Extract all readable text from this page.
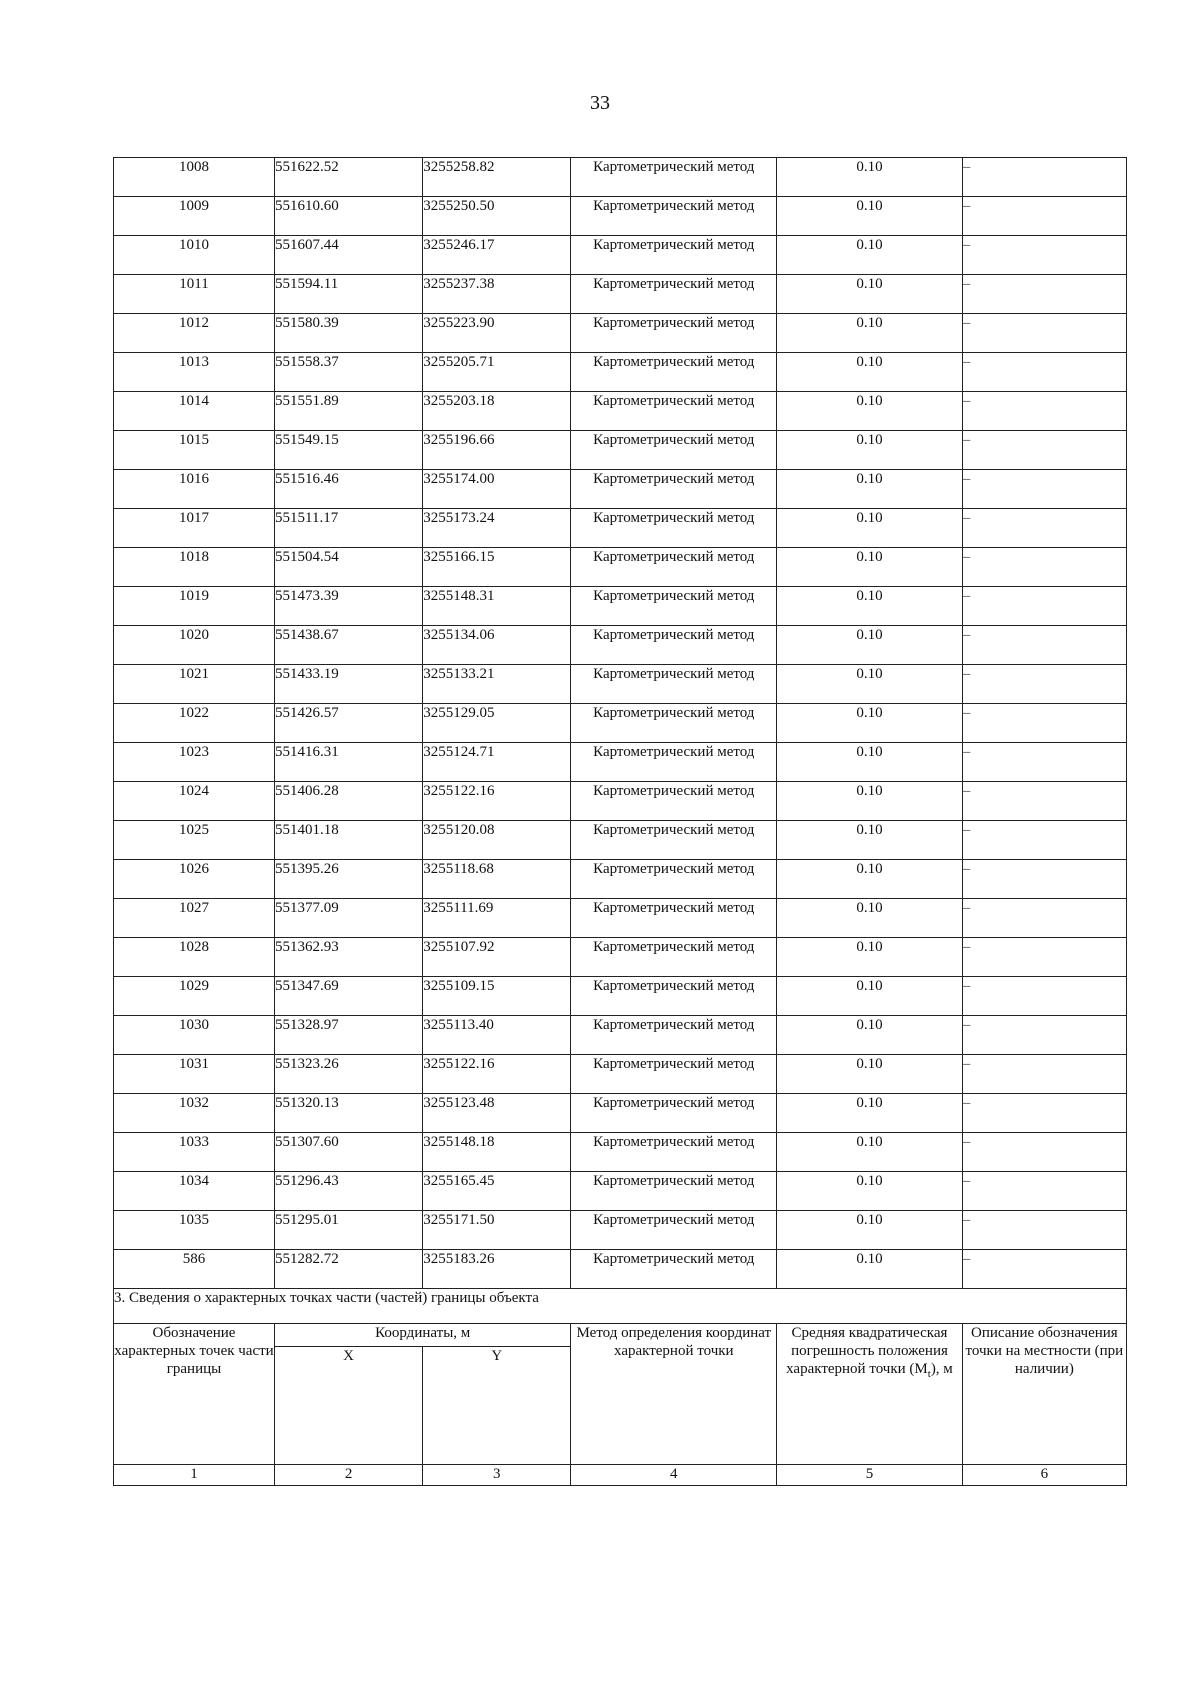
33
1008	551622.52	3255258.82	Картометрический метод	0.10	–
1009	551610.60	3255250.50	Картометрический метод	0.10	–
1010	551607.44	3255246.17	Картометрический метод	0.10	–
1011	551594.11	3255237.38	Картометрический метод	0.10	–
1012	551580.39	3255223.90	Картометрический метод	0.10	–
1013	551558.37	3255205.71	Картометрический метод	0.10	–
1014	551551.89	3255203.18	Картометрический метод	0.10	–
1015	551549.15	3255196.66	Картометрический метод	0.10	–
1016	551516.46	3255174.00	Картометрический метод	0.10	–
1017	551511.17	3255173.24	Картометрический метод	0.10	–
1018	551504.54	3255166.15	Картометрический метод	0.10	–
1019	551473.39	3255148.31	Картометрический метод	0.10	–
1020	551438.67	3255134.06	Картометрический метод	0.10	–
1021	551433.19	3255133.21	Картометрический метод	0.10	–
1022	551426.57	3255129.05	Картометрический метод	0.10	–
1023	551416.31	3255124.71	Картометрический метод	0.10	–
1024	551406.28	3255122.16	Картометрический метод	0.10	–
1025	551401.18	3255120.08	Картометрический метод	0.10	–
1026	551395.26	3255118.68	Картометрический метод	0.10	–
1027	551377.09	3255111.69	Картометрический метод	0.10	–
1028	551362.93	3255107.92	Картометрический метод	0.10	–
1029	551347.69	3255109.15	Картометрический метод	0.10	–
1030	551328.97	3255113.40	Картометрический метод	0.10	–
1031	551323.26	3255122.16	Картометрический метод	0.10	–
1032	551320.13	3255123.48	Картометрический метод	0.10	–
1033	551307.60	3255148.18	Картометрический метод	0.10	–
1034	551296.43	3255165.45	Картометрический метод	0.10	–
1035	551295.01	3255171.50	Картометрический метод	0.10	–
586	551282.72	3255183.26	Картометрический метод	0.10	–
3. Сведения о характерных точках части (частей) границы объекта					
Обозначение характерных точек части границы	Координаты, м		Метод определения координат характерной точки	Средняя квадратическая погрешность положения характерной точки $(M_t)$, м	Описание обозначения точки на местности (при наличии)
	X	Y			
1	2	3	4	5	6
